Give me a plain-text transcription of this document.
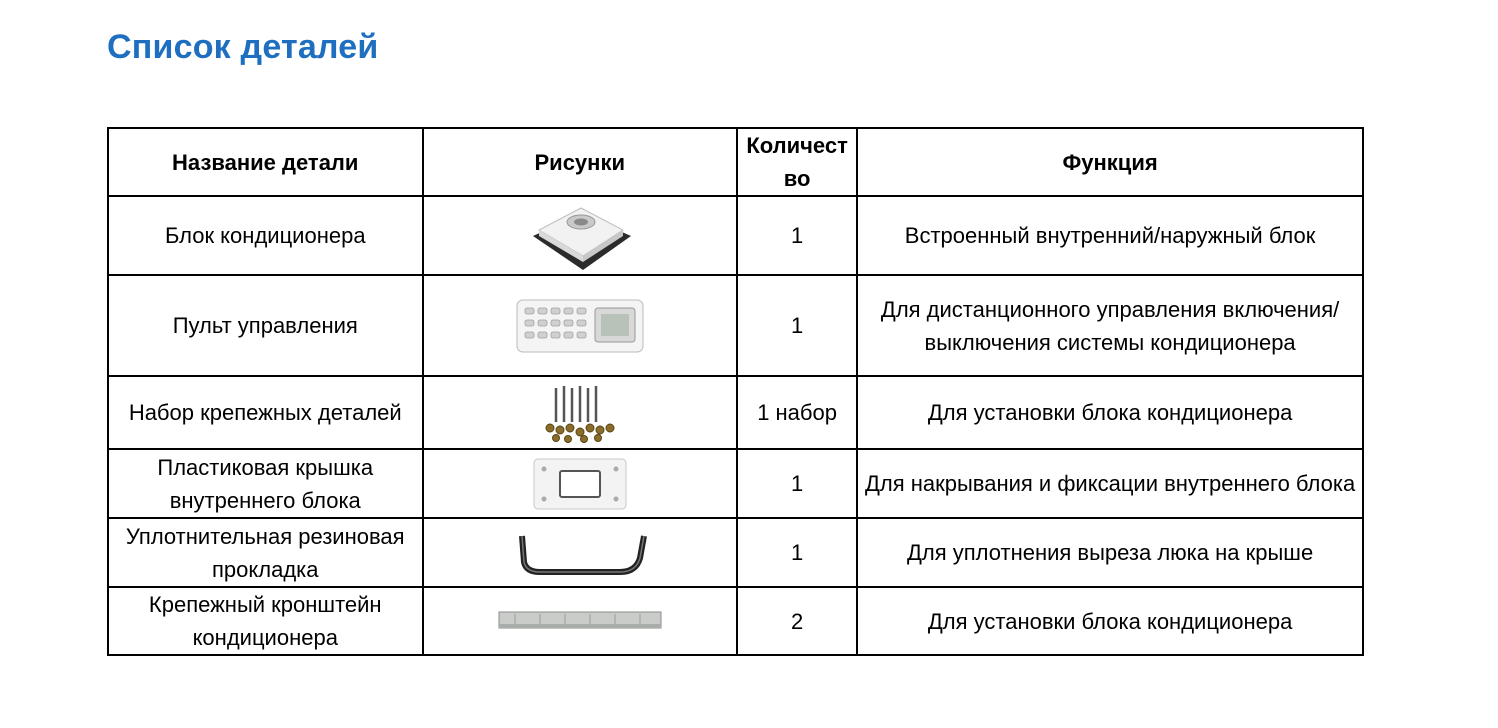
Список деталей
Название детали	Рисунки	Количест во	Функция
Блок кондиционера		1	Встроенный внутренний/наружный блок
Пульт управления		1	Для дистанционного управления включения/выключения системы кондиционера
Набор крепежных деталей		1 набор	Для установки блока кондиционера
Пластиковая крышка внутреннего блока		1	Для накрывания и фиксации внутреннего блока
Уплотнительная резиновая прокладка		1	Для уплотнения выреза люка на крыше
Крепежный кронштейн кондиционера		2	Для установки блока кондиционера
